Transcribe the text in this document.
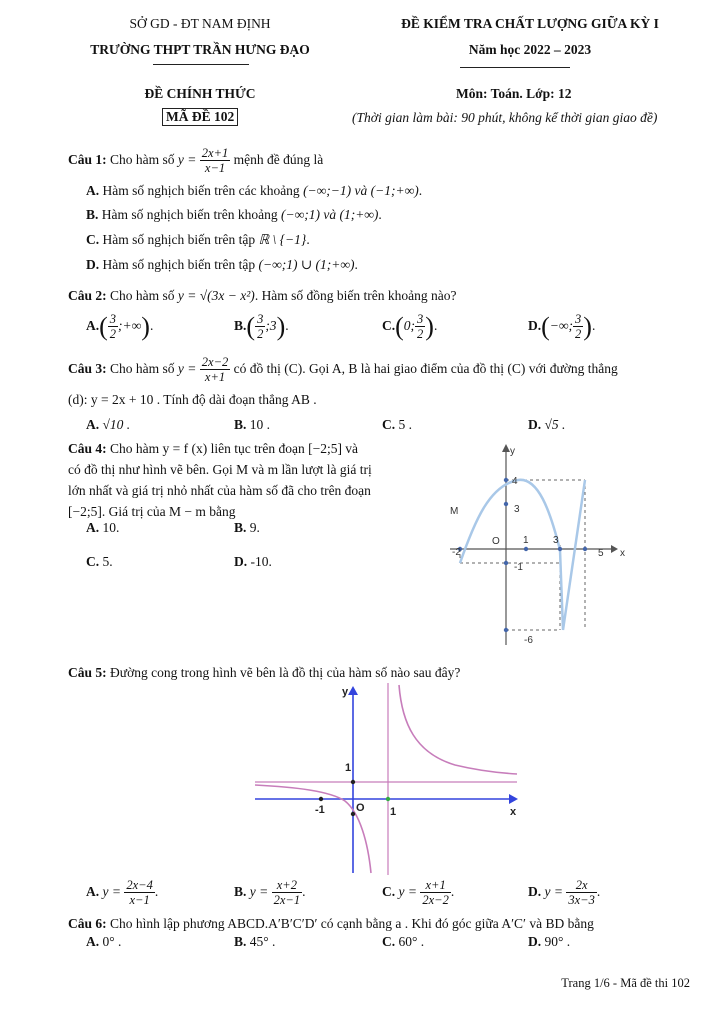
SỞ GD - ĐT NAM ĐỊNH
TRƯỜNG THPT TRẦN HƯNG ĐẠO
ĐỀ KIỂM TRA CHẤT LƯỢNG GIỮA KỲ I
Năm học 2022 – 2023
ĐỀ CHÍNH THỨC
MÃ ĐỀ 102
Môn: Toán. Lớp: 12
(Thời gian làm bài: 90 phút, không kể thời gian giao đề)
Câu 1: Cho hàm số $y = \frac{2x+1}{x-1}$ mệnh đề đúng là
A. Hàm số nghịch biến trên các khoảng (−∞;−1) và (−1;+∞).
B. Hàm số nghịch biến trên khoảng (−∞;1) và (1;+∞).
C. Hàm số nghịch biến trên tập ℝ \ {−1}.
D. Hàm số nghịch biến trên tập (−∞;1) ∪ (1;+∞).
Câu 2: Cho hàm số y = √(3x − x²). Hàm số đồng biến trên khoảng nào?
$A.( \frac{3}{2}$ ;+∞).	$B.( \frac{3}{2}$ ;3).	C.(0; $\frac{3}{2}$ ).	D.(−∞; $\frac{3}{2}$ ).
Câu 3: Cho hàm số $y = \frac{2x-2}{x+1}$ có đồ thị (C). Gọi A, B là hai giao điểm của đồ thị (C) với đường thẳng
(d): y = 2x + 10 . Tính độ dài đoạn thẳng AB .
A. √10 .	B. 10 .	C. 5 .	D. √5 .
Câu 4: Cho hàm y = f (x) liên tục trên đoạn [−2;5] và
có đồ thị như hình vẽ bên. Gọi M và m lần lượt là giá trị
lớn nhất và giá trị nhỏ nhất của hàm số đã cho trên đoạn
[−2;5]. Giá trị của M − m bằng
A. 10.	B. 9.
C. 5.	D. -10.
y
x
M
4
3
O
-2
1
-1
3
5
-6
Câu 5: Đường cong trong hình vẽ bên là đồ thị của hàm số nào sau đây?
y
x
1
O
-1	1
A. $y = \frac{2x-4}{x-1}$ .	B. $y = \frac{x+2}{2x-1}$ .	C. $y = \frac{x+1}{2x-2}$ .	D. $y = \frac{2x}{3x-3}$ .
Câu 6: Cho hình lập phương ABCD.A′B′C′D′ có cạnh bằng a . Khi đó góc giữa A′C′ và BD bằng
A. 0° .	B. 45° .	C. 60° .	D. 90° .
Trang 1/6 - Mã đề thi 102
